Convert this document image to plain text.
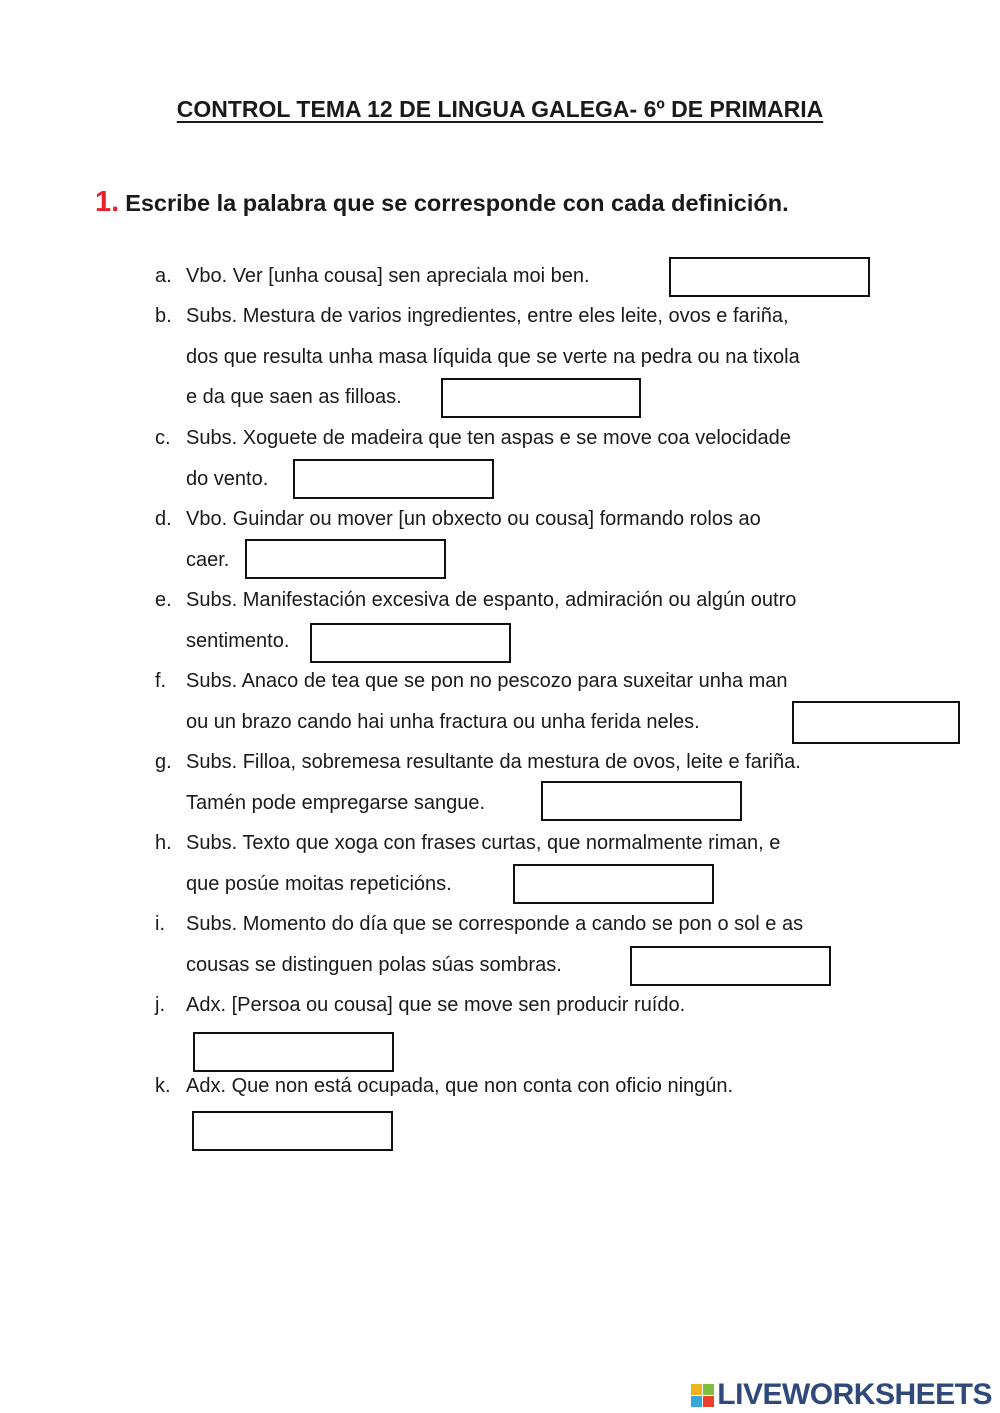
CONTROL TEMA 12 DE LINGUA GALEGA- 6º DE PRIMARIA
1. Escribe la palabra que se corresponde con cada definición.
a. Vbo. Ver [unha cousa] sen apreciala moi ben.
b. Subs. Mestura de varios ingredientes, entre eles leite, ovos e fariña,
dos que resulta unha masa líquida que se verte na pedra ou na tixola
e da que saen as filloas.
c. Subs. Xoguete de madeira que ten aspas e se move coa velocidade
do vento.
d. Vbo. Guindar ou mover [un obxecto ou cousa] formando rolos ao
caer.
e. Subs. Manifestación excesiva de espanto, admiración ou algún outro
sentimento.
f. Subs. Anaco de tea que se pon no pescozo para suxeitar unha man
ou un brazo cando hai unha fractura ou unha ferida neles.
g. Subs. Filloa, sobremesa resultante da mestura de ovos, leite e fariña.
Tamén pode empregarse sangue.
h. Subs. Texto que xoga con frases curtas, que normalmente riman, e
que posúe moitas repeticións.
i. Subs. Momento do día que se corresponde a cando se pon o sol e as
cousas se distinguen polas súas sombras.
j. Adx. [Persoa ou cousa] que se move sen producir ruído.
k. Adx. Que non está ocupada, que non conta con oficio ningún.
LIVEWORKSHEETS
